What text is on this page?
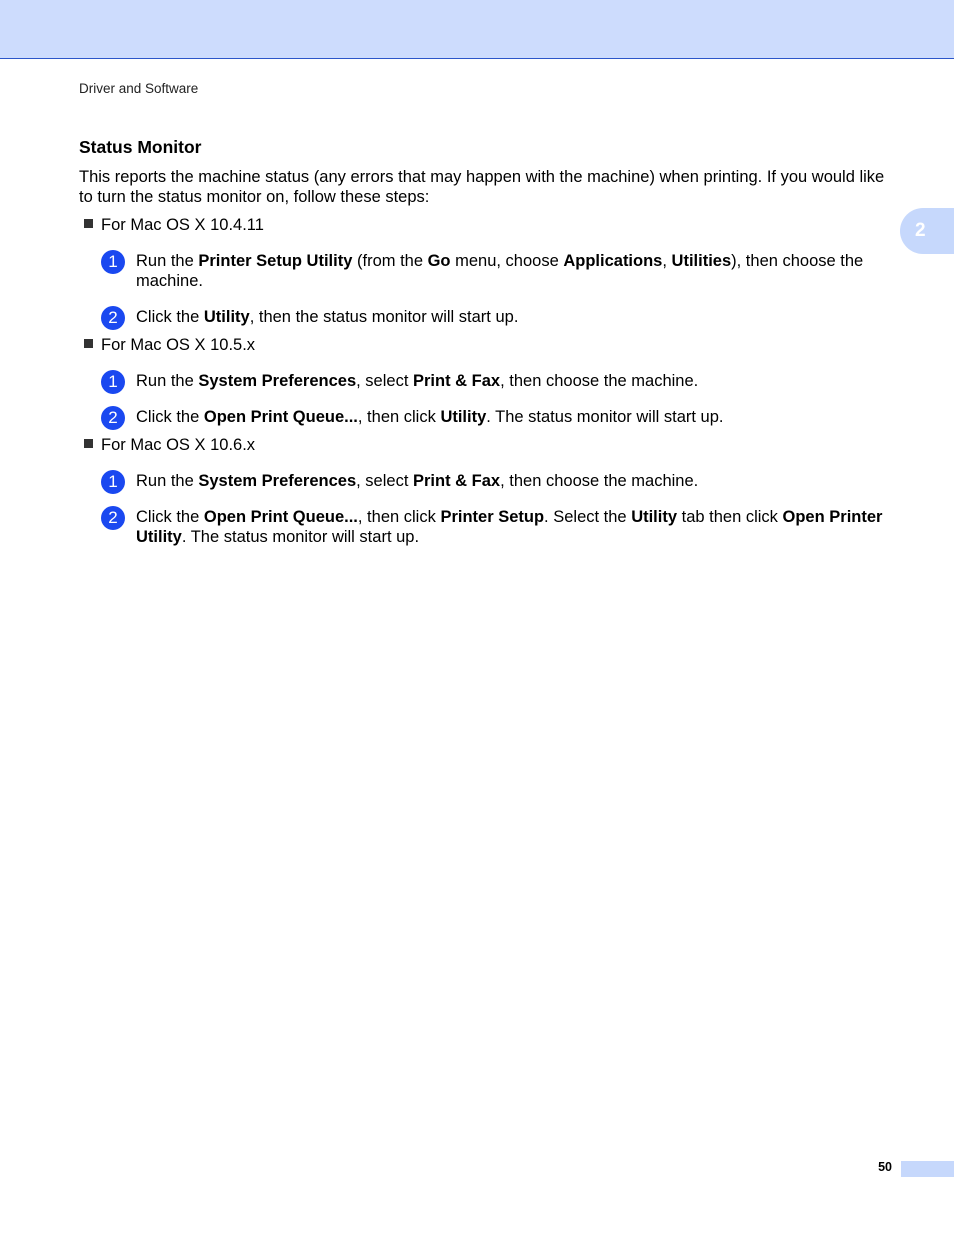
Driver and Software
2
Status Monitor

This reports the machine status (any errors that may happen with the machine) when printing. If you would like to turn the status monitor on, follow these steps:

For Mac OS X 10.4.11
1	Run the Printer Setup Utility (from the Go menu, choose Applications, Utilities), then choose the machine.
2	Click the Utility, then the status monitor will start up.
For Mac OS X 10.5.x
1	Run the System Preferences, select Print & Fax, then choose the machine.
2	Click the Open Print Queue..., then click Utility. The status monitor will start up.
For Mac OS X 10.6.x
1	Run the System Preferences, select Print & Fax, then choose the machine.
2	Click the Open Print Queue..., then click Printer Setup. Select the Utility tab then click Open Printer Utility. The status monitor will start up.
50
